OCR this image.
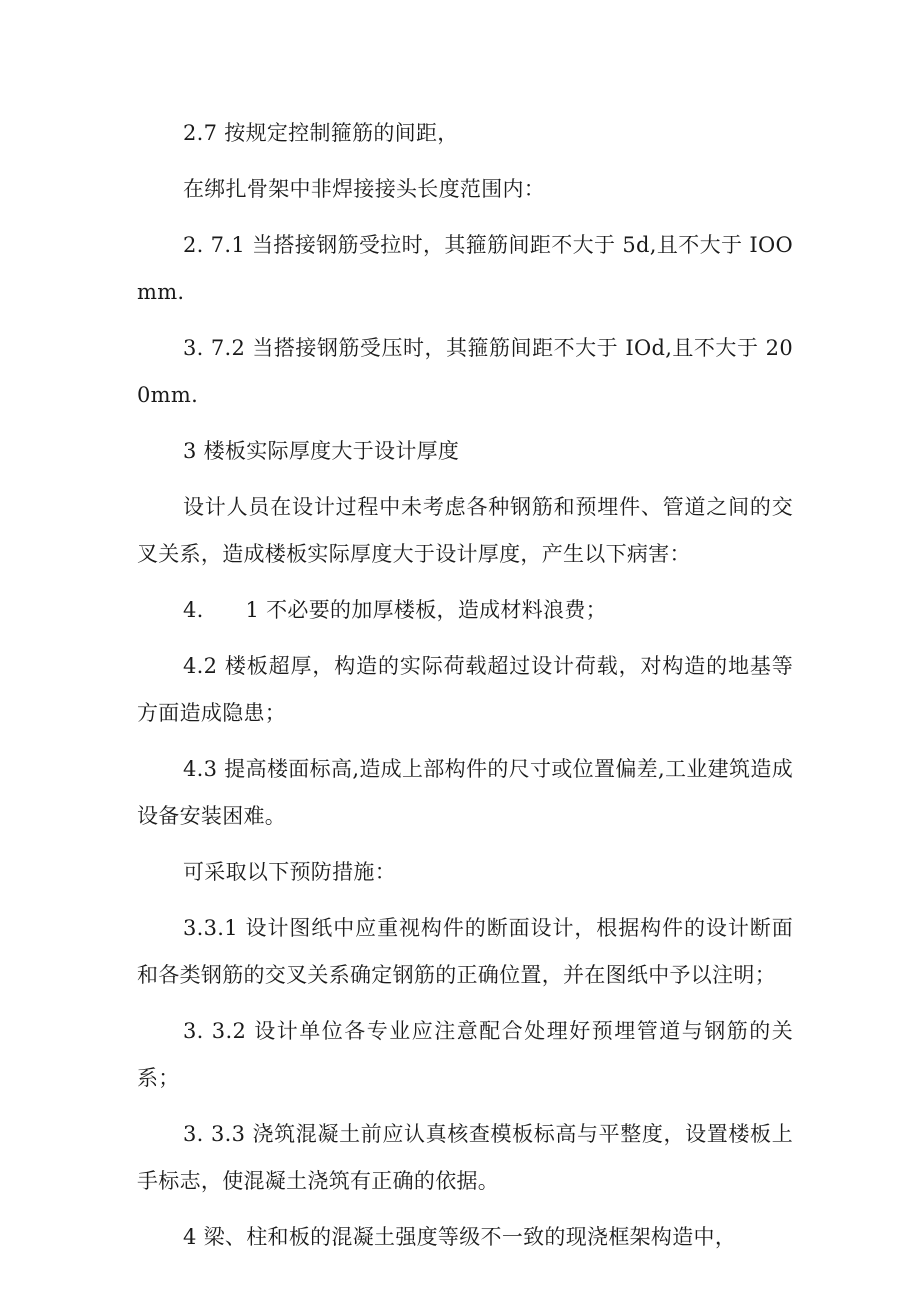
2.7 按规定控制箍筋的间距，

在绑扎骨架中非焊接接头长度范围内：

2. 7.1 当搭接钢筋受拉时，其箍筋间距不大于 5d,且不大于 IOOmm.

3. 7.2 当搭接钢筋受压时，其箍筋间距不大于 IOd,且不大于 200mm.

3 楼板实际厚度大于设计厚度

设计人员在设计过程中未考虑各种钢筋和预埋件、管道之间的交叉关系，造成楼板实际厚度大于设计厚度，产生以下病害：

4.      1 不必要的加厚楼板，造成材料浪费；

4.2 楼板超厚，构造的实际荷载超过设计荷载，对构造的地基等方面造成隐患；

4.3 提高楼面标高,造成上部构件的尺寸或位置偏差,工业建筑造成设备安装困难。

可采取以下预防措施：

3.3.1 设计图纸中应重视构件的断面设计，根据构件的设计断面和各类钢筋的交叉关系确定钢筋的正确位置，并在图纸中予以注明；

3. 3.2 设计单位各专业应注意配合处理好预埋管道与钢筋的关系；

3. 3.3 浇筑混凝土前应认真核查模板标高与平整度，设置楼板上手标志，使混凝土浇筑有正确的依据。

4 梁、柱和板的混凝土强度等级不一致的现浇框架构造中，
